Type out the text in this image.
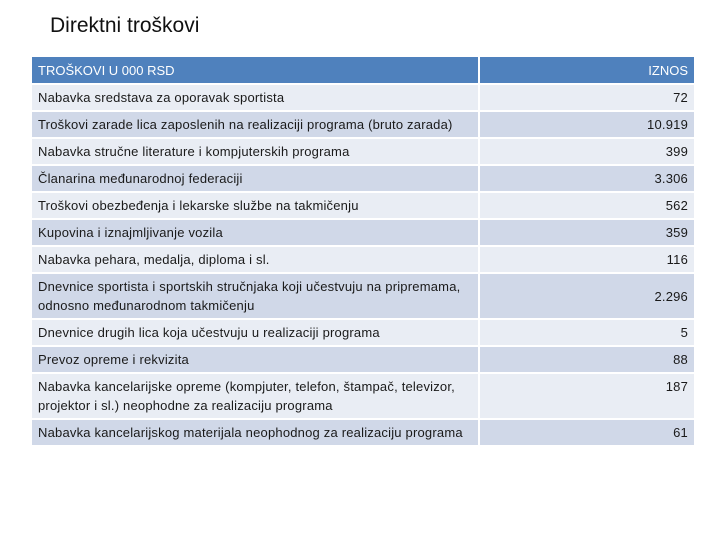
Direktni troškovi
TROŠKOVI U 000 RSD	IZNOS
Nabavka sredstava za oporavak sportista	72
Troškovi zarade lica zaposlenih na realizaciji programa (bruto zarada)	10.919
Nabavka stručne literature i kompjuterskih programa	399
Članarina međunarodnoj federaciji	3.306
Troškovi obezbeđenja i lekarske službe na takmičenju	562
Kupovina i iznajmljivanje vozila	359
Nabavka pehara, medalja, diploma i sl.	116
Dnevnice sportista i sportskih stručnjaka koji učestvuju na pripremama, odnosno međunarodnom takmičenju	2.296
Dnevnice drugih lica koja učestvuju u realizaciji programa	5
Prevoz opreme i rekvizita	88
Nabavka kancelarijske opreme (kompjuter, telefon, štampač, televizor, projektor i sl.) neophodne za realizaciju programa	187
Nabavka kancelarijskog materijala neophodnog za realizaciju programa	61
